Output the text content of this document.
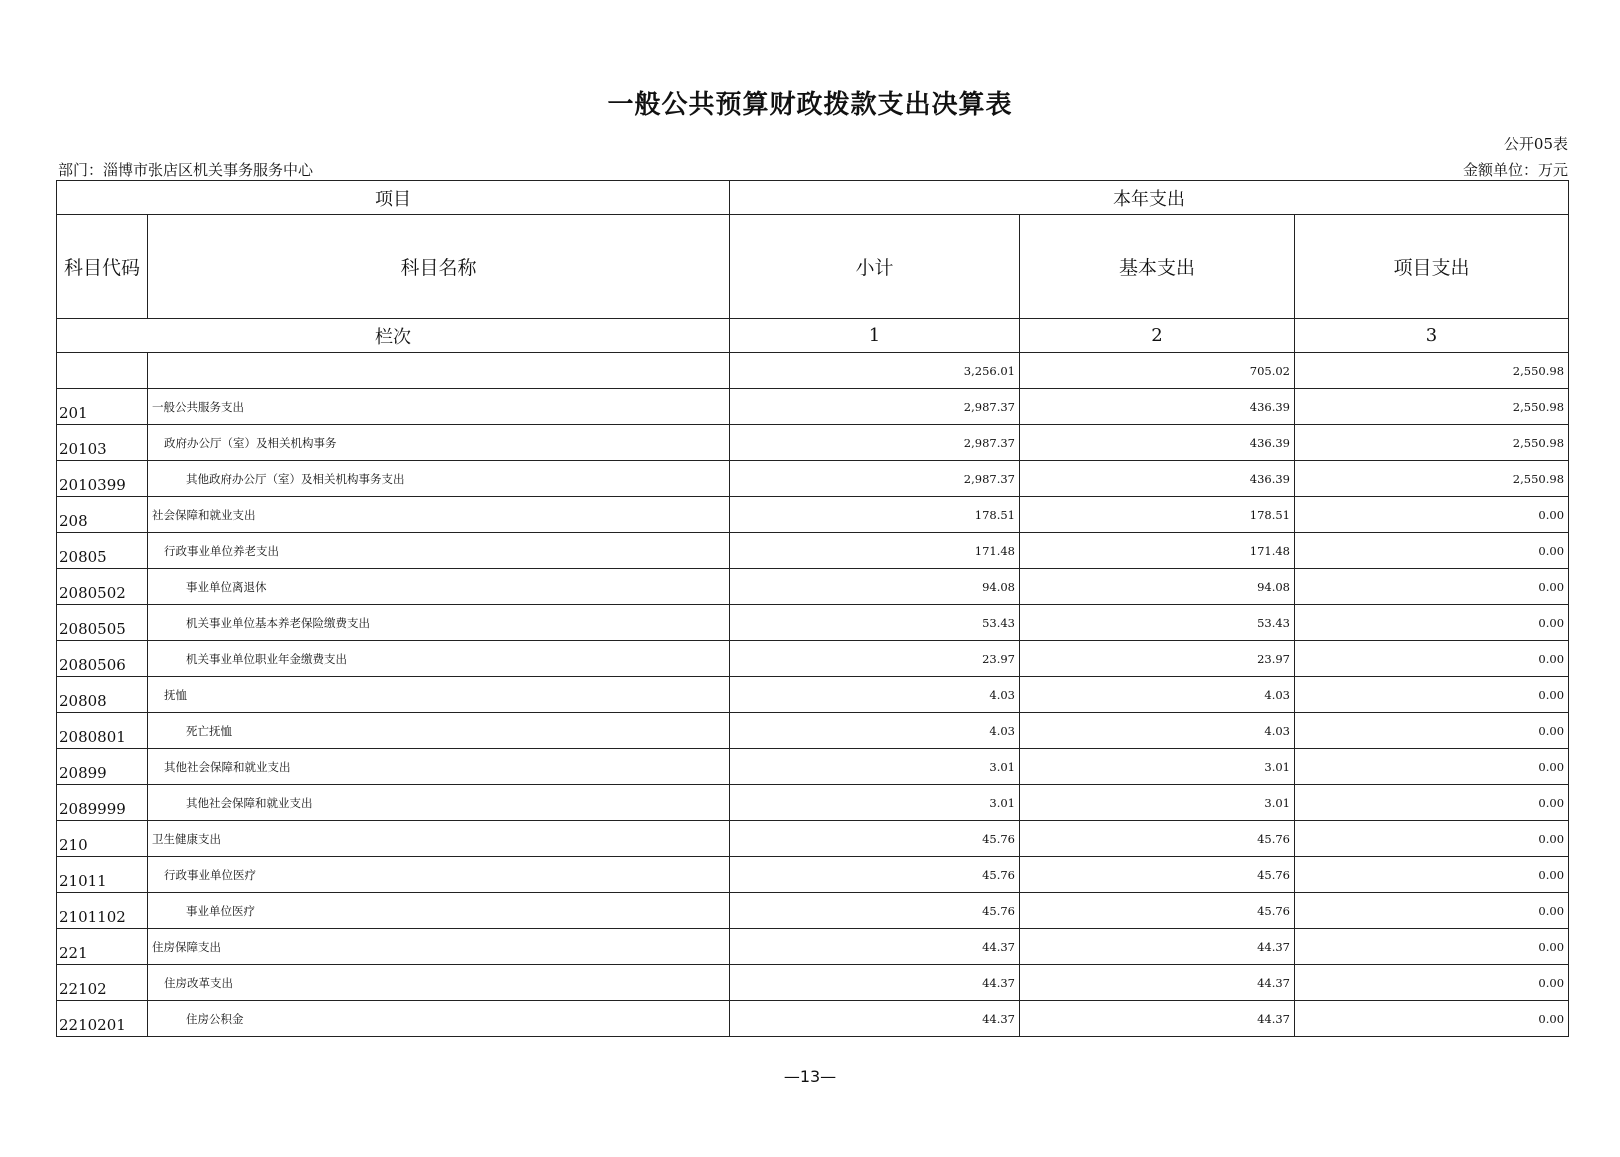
一般公共预算财政拨款支出决算表
公开05表
部门：淄博市张店区机关事务服务中心	金额单位：万元
项目		本年支出		
科目代码	科目名称	小计	基本支出	项目支出
栏次		1	2	3
		3,256.01	705.02	2,550.98
201	一般公共服务支出	2,987.37	436.39	2,550.98
20103	政府办公厅（室）及相关机构事务	2,987.37	436.39	2,550.98
2010399	其他政府办公厅（室）及相关机构事务支出	2,987.37	436.39	2,550.98
208	社会保障和就业支出	178.51	178.51	0.00
20805	行政事业单位养老支出	171.48	171.48	0.00
2080502	事业单位离退休	94.08	94.08	0.00
2080505	机关事业单位基本养老保险缴费支出	53.43	53.43	0.00
2080506	机关事业单位职业年金缴费支出	23.97	23.97	0.00
20808	抚恤	4.03	4.03	0.00
2080801	死亡抚恤	4.03	4.03	0.00
20899	其他社会保障和就业支出	3.01	3.01	0.00
2089999	其他社会保障和就业支出	3.01	3.01	0.00
210	卫生健康支出	45.76	45.76	0.00
21011	行政事业单位医疗	45.76	45.76	0.00
2101102	事业单位医疗	45.76	45.76	0.00
221	住房保障支出	44.37	44.37	0.00
22102	住房改革支出	44.37	44.37	0.00
2210201	住房公积金	44.37	44.37	0.00
—13—
